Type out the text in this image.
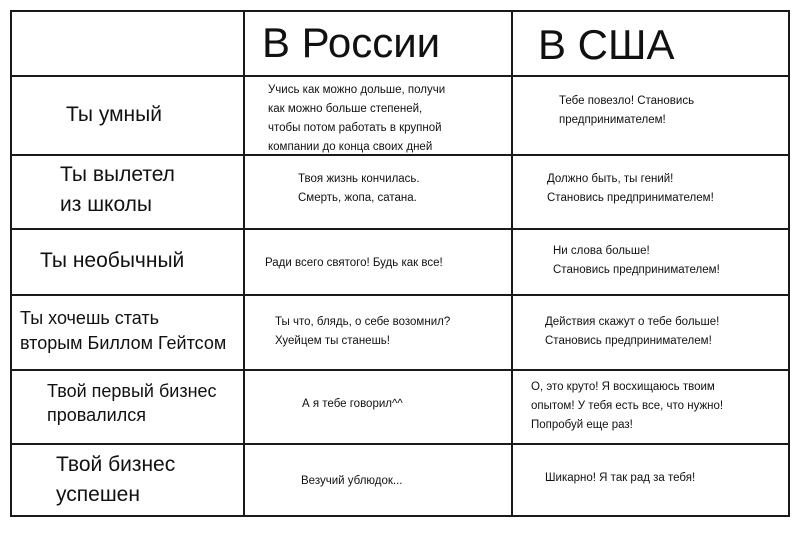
В России В США
Ты умный
Учись как можно дольше, получи
как можно больше степеней,
чтобы потом работать в крупной
компании до конца своих дней
Тебе повезло! Становись
предпринимателем!
Ты вылетел
из школы
Твоя жизнь кончилась.
Смерть, жопа, сатана.
Должно быть, ты гений!
Становись предпринимателем!
Ты необычный	Ради всего святого! Будь как все!
Ни слова больше!
Становись предпринимателем!
Ты хочешь стать
вторым Биллом Гейтсом
Ты что, блядь, о себе возомнил?
Хуейцем ты станешь!
Действия скажут о тебе больше!
Становись предпринимателем!
Твой первый бизнес
провалился
А я тебе говорил^^
О, это круто! Я восхищаюсь твоим
опытом! У тебя есть все, что нужно!
Попробуй еще раз!
Твой бизнес
успешен
Везучий ублюдок...	Шикарно! Я так рад за тебя!
